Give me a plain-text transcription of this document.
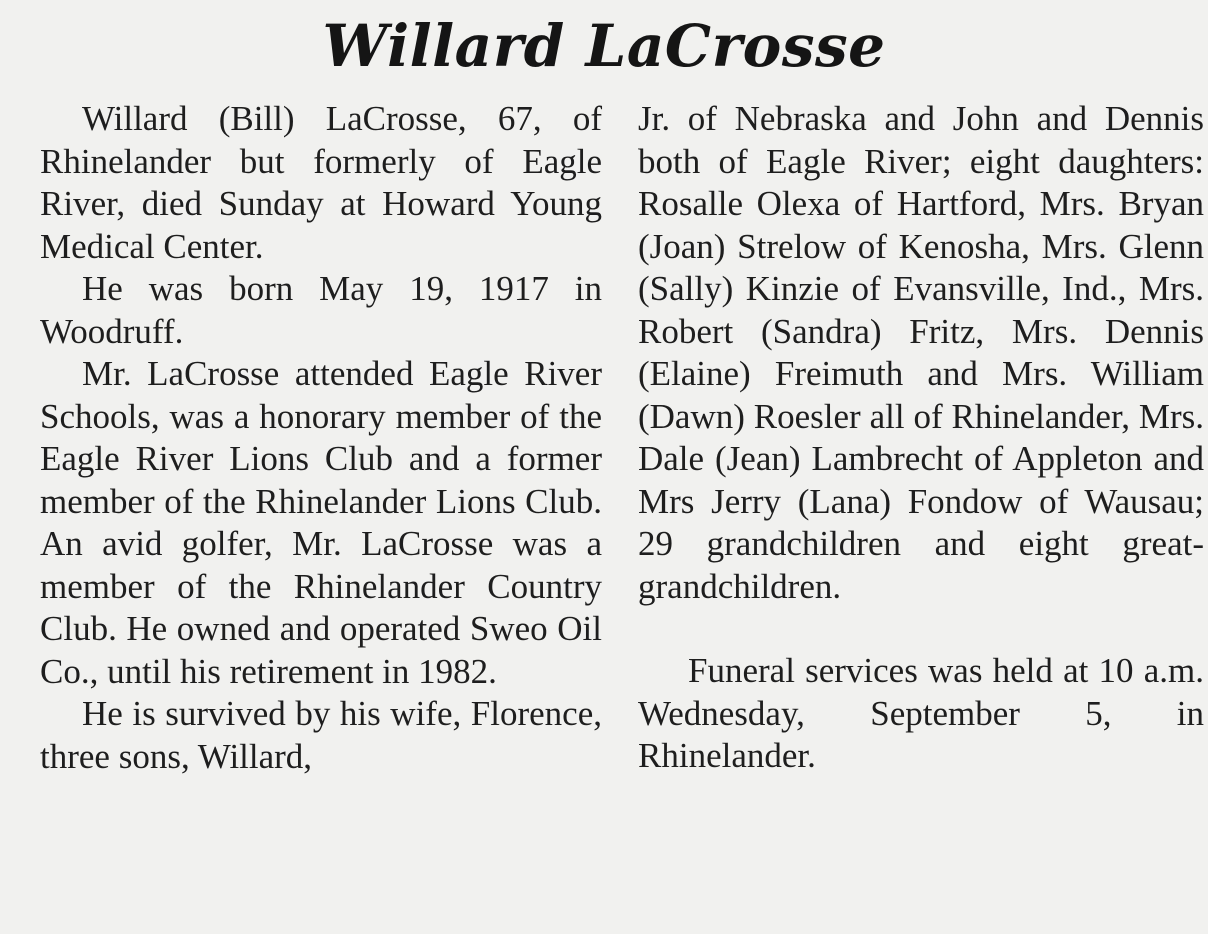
Willard LaCrosse

Willard (Bill) LaCrosse, 67, of Rhinelander but formerly of Eagle River, died Sunday at Howard Young Medical Center.

He was born May 19, 1917 in Woodruff.

Mr. LaCrosse attended Eagle River Schools, was a honorary member of the Eagle River Lions Club and a former member of the Rhinelander Lions Club. An avid golfer, Mr. LaCrosse was a member of the Rhinelander Country Club. He owned and operated Sweo Oil Co., until his retirement in 1982.

He is survived by his wife, Florence, three sons, Willard,

Jr. of Nebraska and John and Dennis both of Eagle River; eight daughters: Rosalle Olexa of Hartford, Mrs. Bryan (Joan) Strelow of Kenosha, Mrs. Glenn (Sally) Kinzie of Evansville, Ind., Mrs. Robert (Sandra) Fritz, Mrs. Dennis (Elaine) Freimuth and Mrs. William (Dawn) Roesler all of Rhinelander, Mrs. Dale (Jean) Lambrecht of Appleton and Mrs Jerry (Lana) Fondow of Wausau; 29 grandchildren and eight great-grandchildren.

Funeral services was held at 10 a.m. Wednesday, September 5, in Rhinelander.
